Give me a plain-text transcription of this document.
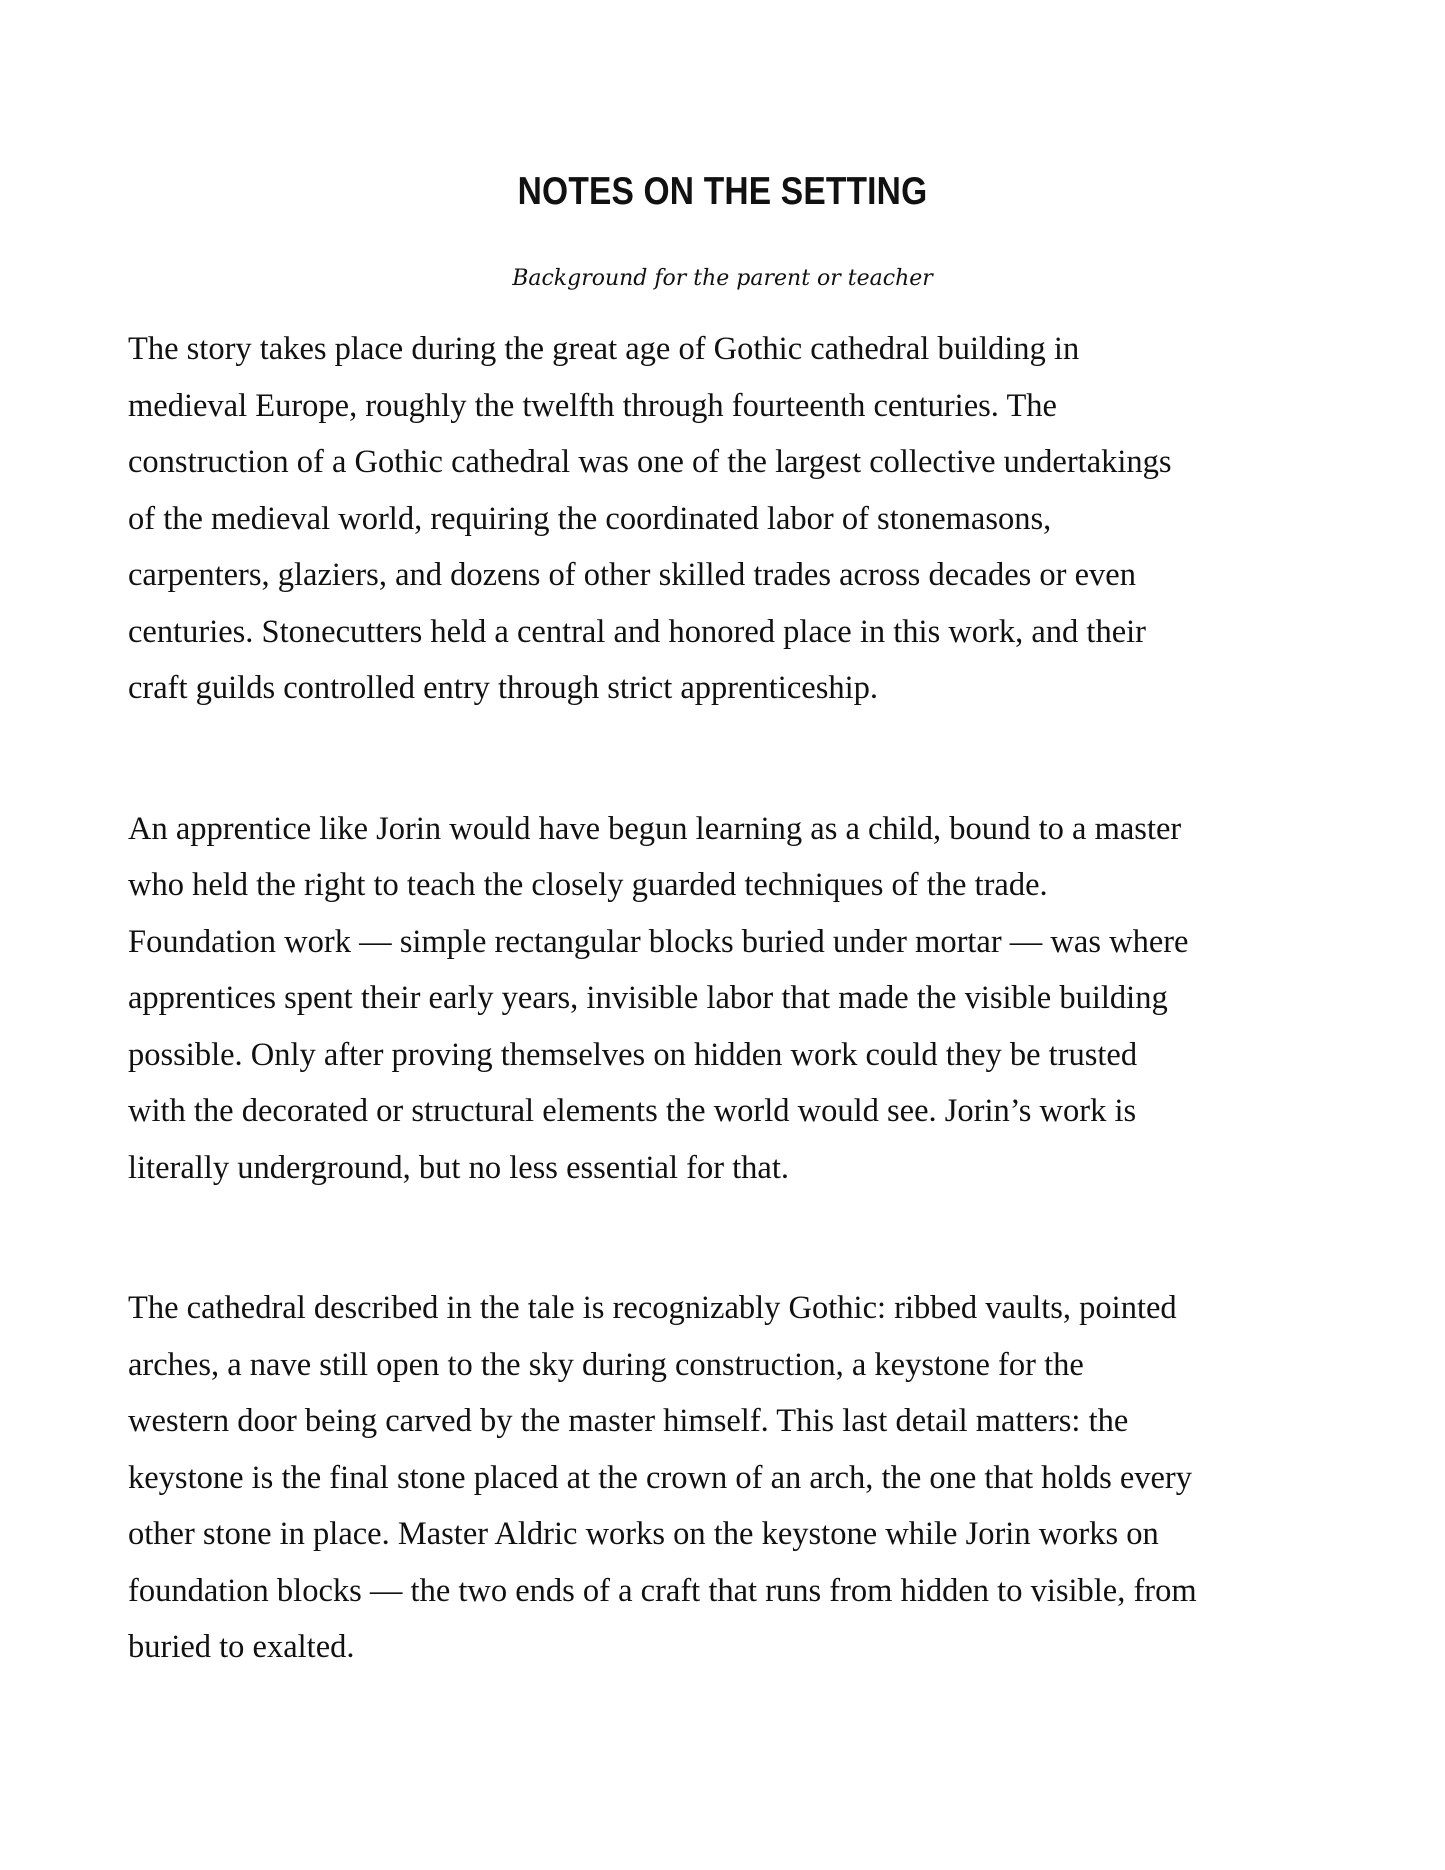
NOTES ON THE SETTING

Background for the parent or teacher

The story takes place during the great age of Gothic cathedral building in
medieval Europe, roughly the twelfth through fourteenth centuries. The
construction of a Gothic cathedral was one of the largest collective undertakings
of the medieval world, requiring the coordinated labor of stonemasons,
carpenters, glaziers, and dozens of other skilled trades across decades or even
centuries. Stonecutters held a central and honored place in this work, and their
craft guilds controlled entry through strict apprenticeship.

An apprentice like Jorin would have begun learning as a child, bound to a master
who held the right to teach the closely guarded techniques of the trade.
Foundation work — simple rectangular blocks buried under mortar — was where
apprentices spent their early years, invisible labor that made the visible building
possible. Only after proving themselves on hidden work could they be trusted
with the decorated or structural elements the world would see. Jorin’s work is
literally underground, but no less essential for that.

The cathedral described in the tale is recognizably Gothic: ribbed vaults, pointed
arches, a nave still open to the sky during construction, a keystone for the
western door being carved by the master himself. This last detail matters: the
keystone is the final stone placed at the crown of an arch, the one that holds every
other stone in place. Master Aldric works on the keystone while Jorin works on
foundation blocks — the two ends of a craft that runs from hidden to visible, from
buried to exalted.
